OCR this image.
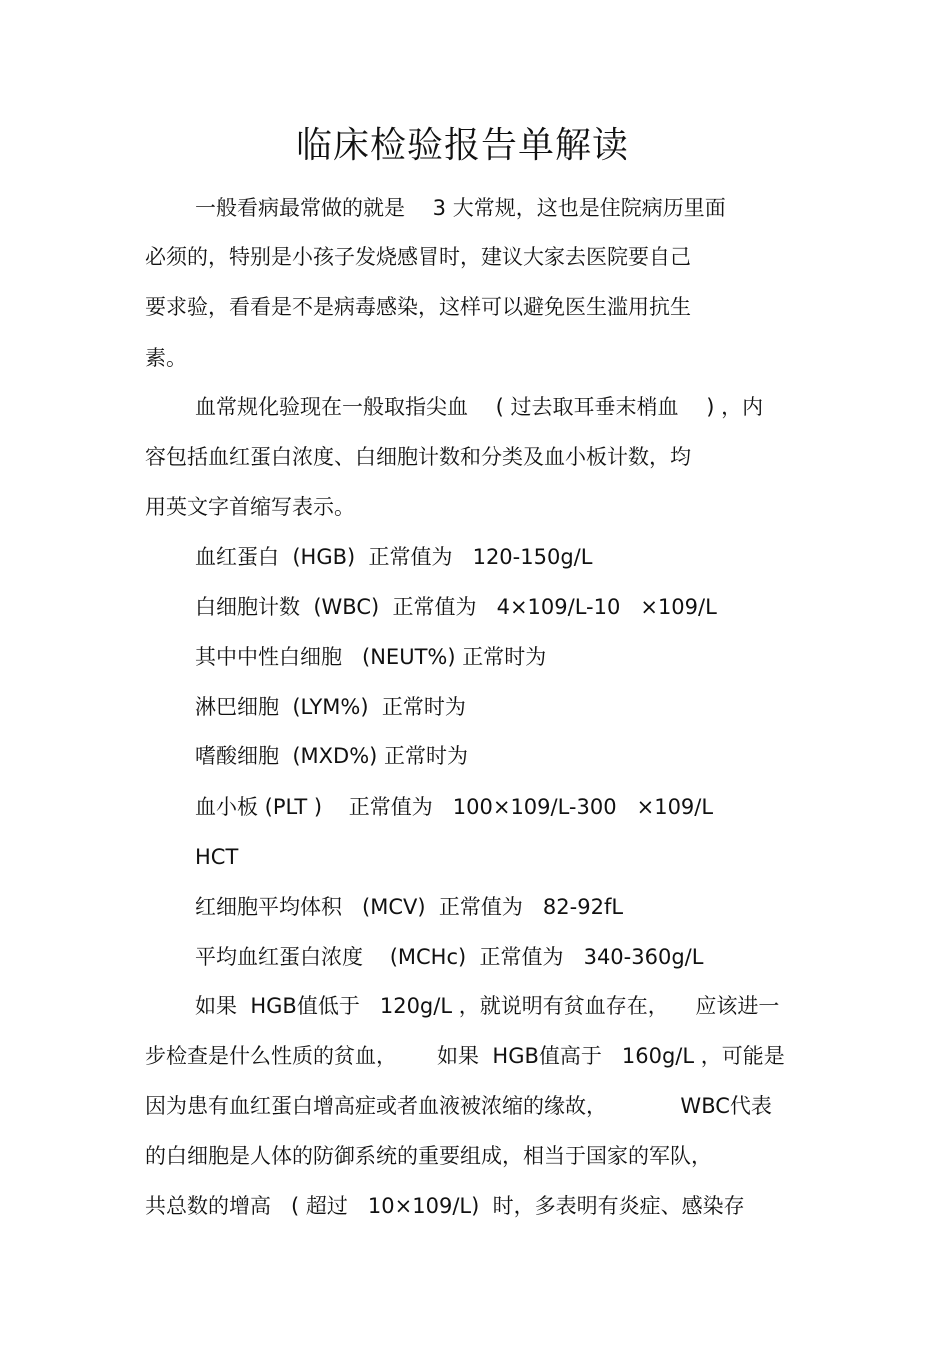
临床检验报告单解读

一般看病最常做的就是　 3 大常规，这也是住院病历里面

必须的，特别是小孩子发烧感冒时，建议大家去医院要自己

要求验，看看是不是病毒感染，这样可以避免医生滥用抗生

素。

血常规化验现在一般取指尖血　 ( 过去取耳垂末梢血　 ) ，内

容包括血红蛋白浓度、白细胞计数和分类及血小板计数，均

用英文字首缩写表示。

血红蛋白  (HGB)  正常值为   120-150g/L

白细胞计数  (WBC)  正常值为   4×109/L-10   ×109/L

其中中性白细胞   (NEUT%) 正常时为

淋巴细胞  (LYM%)  正常时为

嗜酸细胞  (MXD%) 正常时为

血小板 (PLT )    正常值为   100×109/L-300   ×109/L

HCT

红细胞平均体积   (MCV)  正常值为   82-92fL

平均血红蛋白浓度    (MCHc)  正常值为   340-360g/L

如果  HGB值低于   120g/L ，就说明有贫血存在，    应该进一

步检查是什么性质的贫血，      如果  HGB值高于   160g/L ，可能是

因为患有血红蛋白增高症或者血液被浓缩的缘故，           WBC代表

的白细胞是人体的防御系统的重要组成，相当于国家的军队，

共总数的增高   ( 超过   10×109/L)  时，多表明有炎症、感染存
